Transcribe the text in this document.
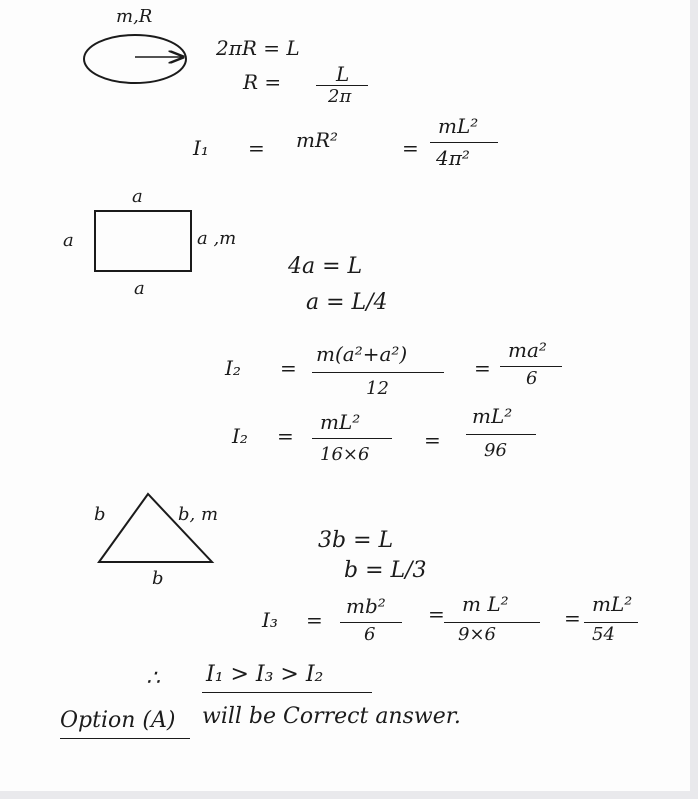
m,R
2πR = L
R =	L
2π
I₁ = mR²	=
mL²
4π²
a
a
a
a ,m
4a = L
a = L/4
I₂ =
m(a²+a²)
12
=
ma²
6
I₂ =
mL²
16×6
=
mL²
96
b	b, m
b
3b = L
b = L/3
I₃ =
mb²
6
= m L²
9×6
=
mL²
54
∴ I₁ > I₃ > I₂
Option (A) will be Correct answer.
